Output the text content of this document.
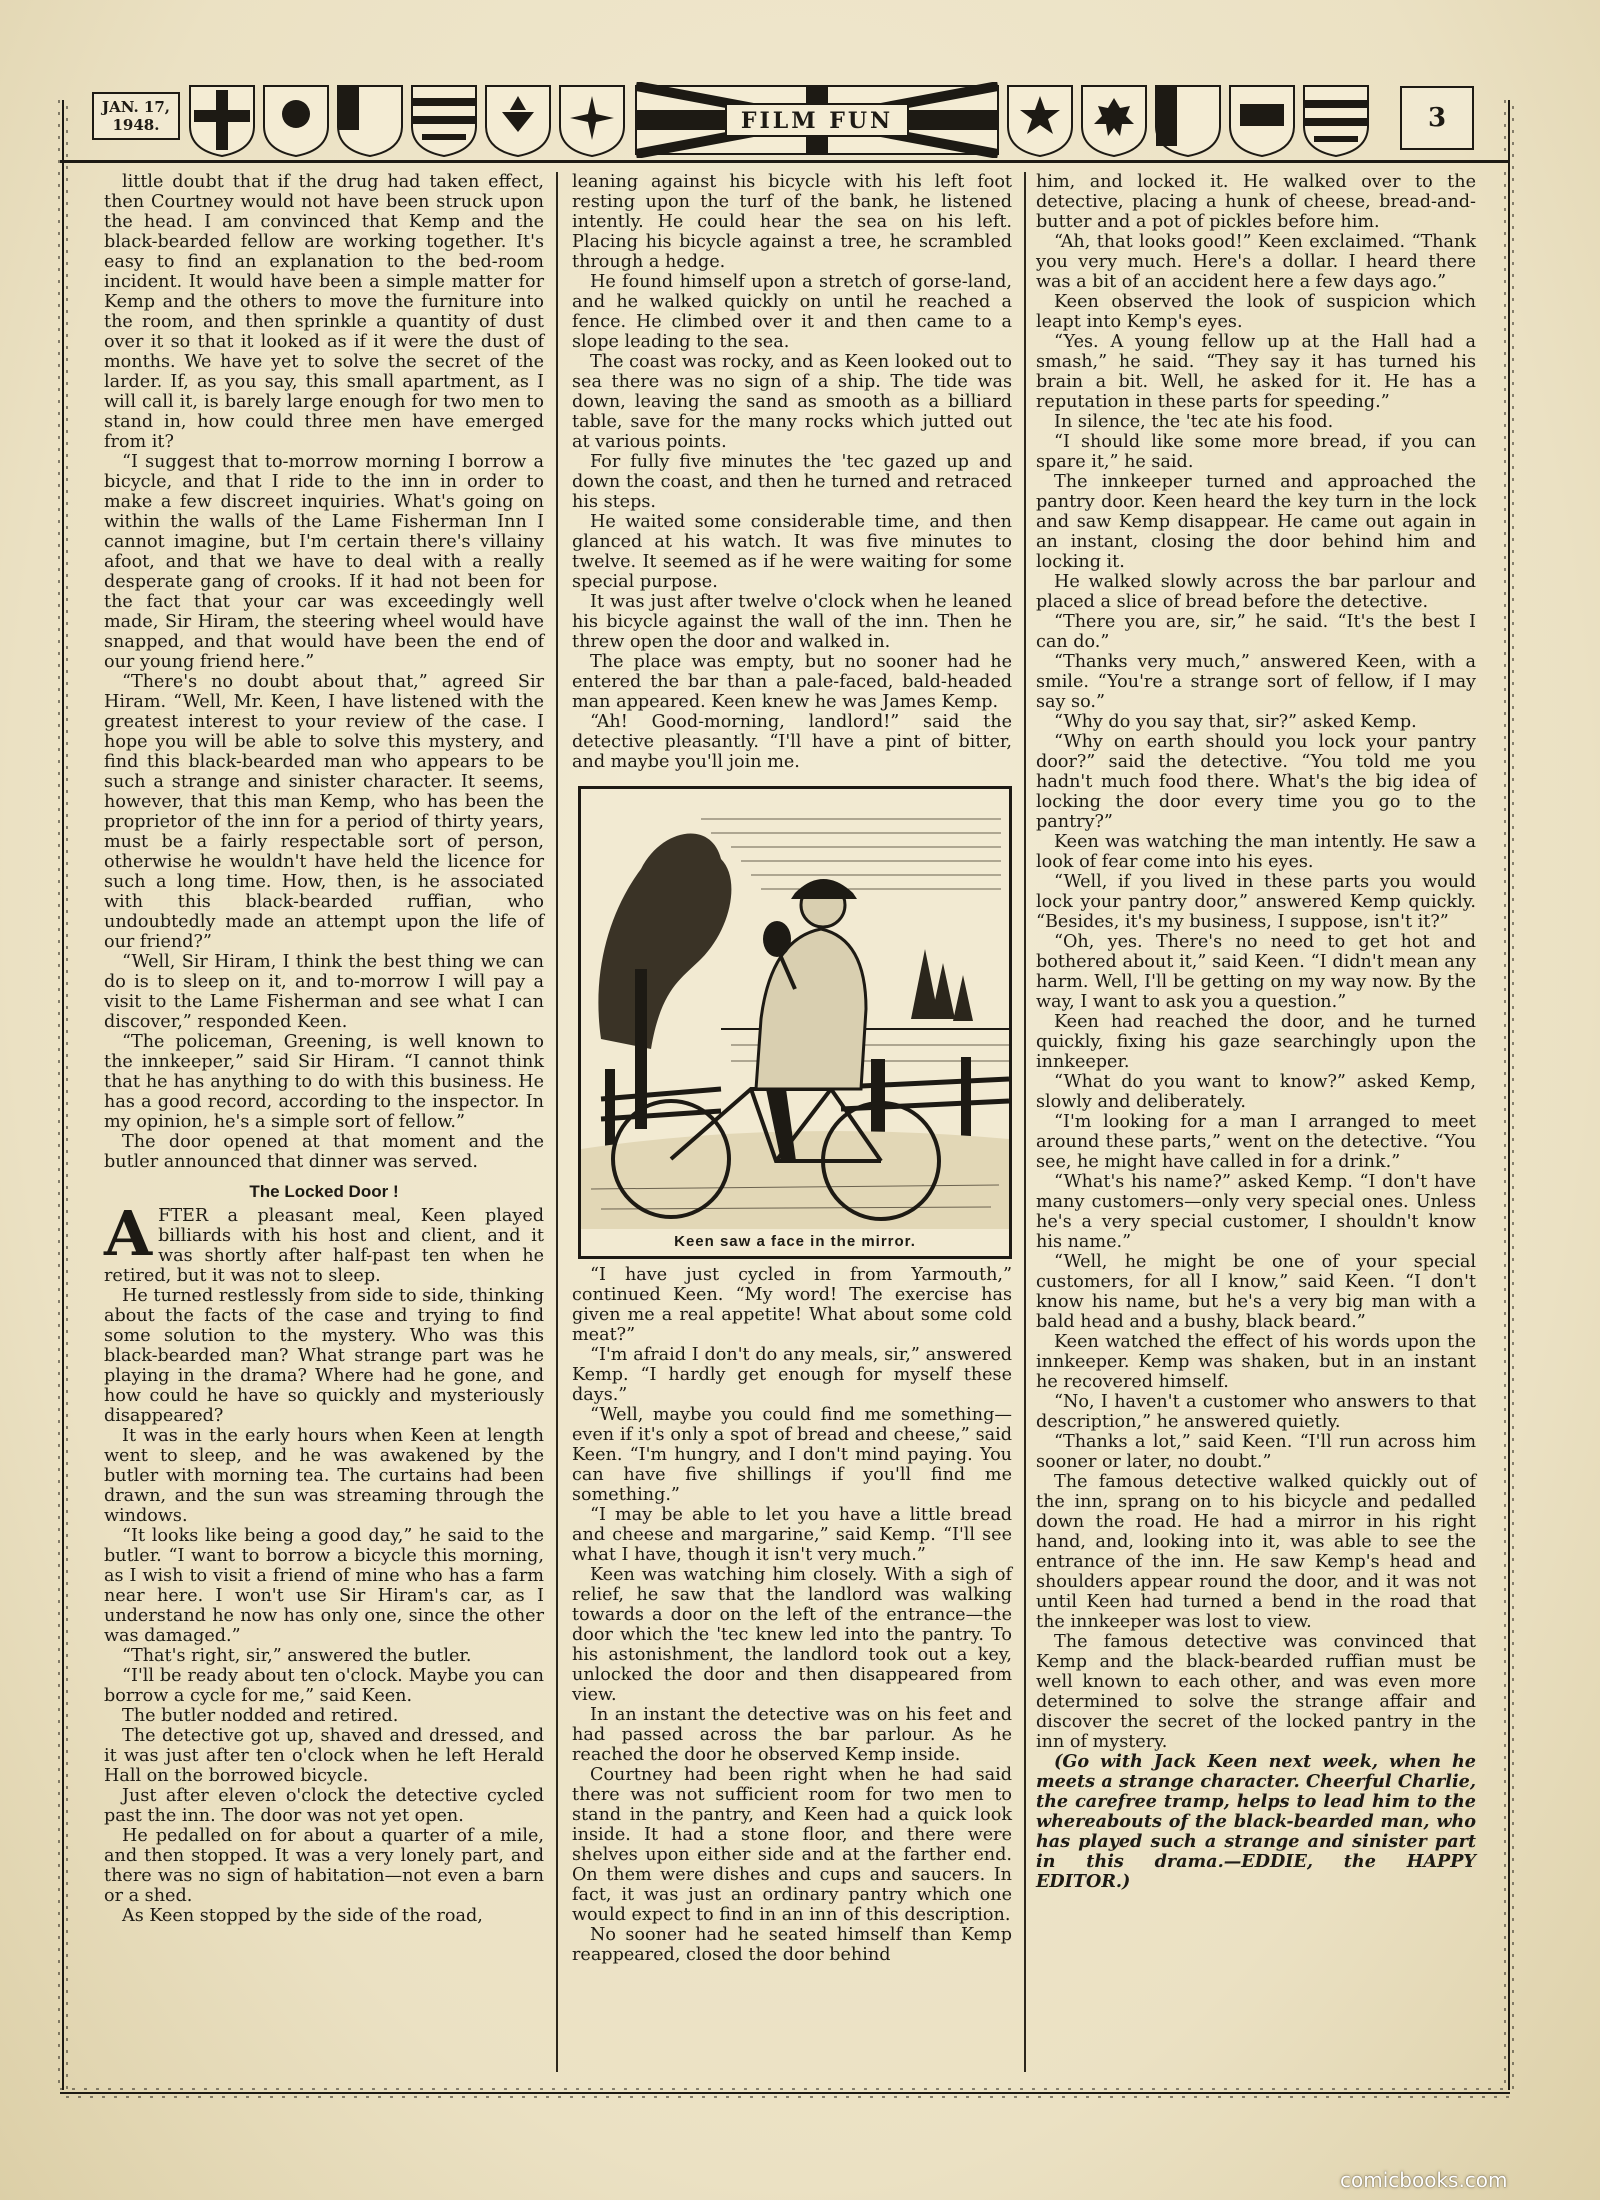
JAN. 17,
1948.	FILM FUN	3

little doubt that if the drug had taken effect, then Courtney would not have been struck upon the head. I am convinced that Kemp and the black-bearded fellow are working together. It's easy to find an explanation to the bed-room incident. It would have been a simple matter for Kemp and the others to move the furniture into the room, and then sprinkle a quantity of dust over it so that it looked as if it were the dust of months. We have yet to solve the secret of the larder. If, as you say, this small apartment, as I will call it, is barely large enough for two men to stand in, how could three men have emerged from it?

“I suggest that to-morrow morning I borrow a bicycle, and that I ride to the inn in order to make a few discreet inquiries. What's going on within the walls of the Lame Fisherman Inn I cannot imagine, but I'm certain there's villainy afoot, and that we have to deal with a really desperate gang of crooks. If it had not been for the fact that your car was exceedingly well made, Sir Hiram, the steering wheel would have snapped, and that would have been the end of our young friend here.”

“There's no doubt about that,” agreed Sir Hiram. “Well, Mr. Keen, I have listened with the greatest interest to your review of the case. I hope you will be able to solve this mystery, and find this black-bearded man who appears to be such a strange and sinister character. It seems, however, that this man Kemp, who has been the proprietor of the inn for a period of thirty years, must be a fairly respectable sort of person, otherwise he wouldn't have held the licence for such a long time. How, then, is he associated with this black-bearded ruffian, who undoubtedly made an attempt upon the life of our friend?”

“Well, Sir Hiram, I think the best thing we can do is to sleep on it, and to-morrow I will pay a visit to the Lame Fisherman and see what I can discover,” responded Keen.

“The policeman, Greening, is well known to the innkeeper,” said Sir Hiram. “I cannot think that he has anything to do with this business. He has a good record, according to the inspector. In my opinion, he's a simple sort of fellow.”

The door opened at that moment and the butler announced that dinner was served.

The Locked Door !

AFTER a pleasant meal, Keen played billiards with his host and client, and it was shortly after half-past ten when he retired, but it was not to sleep.

He turned restlessly from side to side, thinking about the facts of the case and trying to find some solution to the mystery. Who was this black-bearded man? What strange part was he playing in the drama? Where had he gone, and how could he have so quickly and mysteriously disappeared?

It was in the early hours when Keen at length went to sleep, and he was awakened by the butler with morning tea. The curtains had been drawn, and the sun was streaming through the windows.

“It looks like being a good day,” he said to the butler. “I want to borrow a bicycle this morning, as I wish to visit a friend of mine who has a farm near here. I won't use Sir Hiram's car, as I understand he now has only one, since the other was damaged.”

“That's right, sir,” answered the butler.

“I'll be ready about ten o'clock. Maybe you can borrow a cycle for me,” said Keen.

The butler nodded and retired.

The detective got up, shaved and dressed, and it was just after ten o'clock when he left Herald Hall on the borrowed bicycle.

Just after eleven o'clock the detective cycled past the inn. The door was not yet open.

He pedalled on for about a quarter of a mile, and then stopped. It was a very lonely part, and there was no sign of habitation—not even a barn or a shed.

As Keen stopped by the side of the road,

leaning against his bicycle with his left foot resting upon the turf of the bank, he listened intently. He could hear the sea on his left. Placing his bicycle against a tree, he scrambled through a hedge.

He found himself upon a stretch of gorse-land, and he walked quickly on until he reached a fence. He climbed over it and then came to a slope leading to the sea.

The coast was rocky, and as Keen looked out to sea there was no sign of a ship. The tide was down, leaving the sand as smooth as a billiard table, save for the many rocks which jutted out at various points.

For fully five minutes the 'tec gazed up and down the coast, and then he turned and retraced his steps.

He waited some considerable time, and then glanced at his watch. It was five minutes to twelve. It seemed as if he were waiting for some special purpose.

It was just after twelve o'clock when he leaned his bicycle against the wall of the inn. Then he threw open the door and walked in.

The place was empty, but no sooner had he entered the bar than a pale-faced, bald-headed man appeared. Keen knew he was James Kemp.

“Ah! Good-morning, landlord!” said the detective pleasantly. “I'll have a pint of bitter, and maybe you'll join me.

Keen saw a face in the mirror.

“I have just cycled in from Yarmouth,” continued Keen. “My word! The exercise has given me a real appetite! What about some cold meat?”

“I'm afraid I don't do any meals, sir,” answered Kemp. “I hardly get enough for myself these days.”

“Well, maybe you could find me something—even if it's only a spot of bread and cheese,” said Keen. “I'm hungry, and I don't mind paying. You can have five shillings if you'll find me something.”

“I may be able to let you have a little bread and cheese and margarine,” said Kemp. “I'll see what I have, though it isn't very much.”

Keen was watching him closely. With a sigh of relief, he saw that the landlord was walking towards a door on the left of the entrance—the door which the 'tec knew led into the pantry. To his astonishment, the landlord took out a key, unlocked the door and then disappeared from view.

In an instant the detective was on his feet and had passed across the bar parlour. As he reached the door he observed Kemp inside.

Courtney had been right when he had said there was not sufficient room for two men to stand in the pantry, and Keen had a quick look inside. It had a stone floor, and there were shelves upon either side and at the farther end. On them were dishes and cups and saucers. In fact, it was just an ordinary pantry which one would expect to find in an inn of this description.

No sooner had he seated himself than Kemp reappeared, closed the door behind

him, and locked it. He walked over to the detective, placing a hunk of cheese, bread-and-butter and a pot of pickles before him.

“Ah, that looks good!” Keen exclaimed. “Thank you very much. Here's a dollar. I heard there was a bit of an accident here a few days ago.”

Keen observed the look of suspicion which leapt into Kemp's eyes.

“Yes. A young fellow up at the Hall had a smash,” he said. “They say it has turned his brain a bit. Well, he asked for it. He has a reputation in these parts for speeding.”

In silence, the 'tec ate his food.

“I should like some more bread, if you can spare it,” he said.

The innkeeper turned and approached the pantry door. Keen heard the key turn in the lock and saw Kemp disappear. He came out again in an instant, closing the door behind him and locking it.

He walked slowly across the bar parlour and placed a slice of bread before the detective.

“There you are, sir,” he said. “It's the best I can do.”

“Thanks very much,” answered Keen, with a smile. “You're a strange sort of fellow, if I may say so.”

“Why do you say that, sir?” asked Kemp.

“Why on earth should you lock your pantry door?” said the detective. “You told me you hadn't much food there. What's the big idea of locking the door every time you go to the pantry?”

Keen was watching the man intently. He saw a look of fear come into his eyes.

“Well, if you lived in these parts you would lock your pantry door,” answered Kemp quickly. “Besides, it's my business, I suppose, isn't it?”

“Oh, yes. There's no need to get hot and bothered about it,” said Keen. “I didn't mean any harm. Well, I'll be getting on my way now. By the way, I want to ask you a question.”

Keen had reached the door, and he turned quickly, fixing his gaze searchingly upon the innkeeper.

“What do you want to know?” asked Kemp, slowly and deliberately.

“I'm looking for a man I arranged to meet around these parts,” went on the detective. “You see, he might have called in for a drink.”

“What's his name?” asked Kemp. “I don't have many customers—only very special ones. Unless he's a very special customer, I shouldn't know his name.”

“Well, he might be one of your special customers, for all I know,” said Keen. “I don't know his name, but he's a very big man with a bald head and a bushy, black beard.”

Keen watched the effect of his words upon the innkeeper. Kemp was shaken, but in an instant he recovered himself.

“No, I haven't a customer who answers to that description,” he answered quietly.

“Thanks a lot,” said Keen. “I'll run across him sooner or later, no doubt.”

The famous detective walked quickly out of the inn, sprang on to his bicycle and pedalled down the road. He had a mirror in his right hand, and, looking into it, was able to see the entrance of the inn. He saw Kemp's head and shoulders appear round the door, and it was not until Keen had turned a bend in the road that the innkeeper was lost to view.

The famous detective was convinced that Kemp and the black-bearded ruffian must be well known to each other, and was even more determined to solve the strange affair and discover the secret of the locked pantry in the inn of mystery.

(Go with Jack Keen next week, when he meets a strange character. Cheerful Charlie, the carefree tramp, helps to lead him to the whereabouts of the black-bearded man, who has played such a strange and sinister part in this drama.—EDDIE, the HAPPY EDITOR.)

comicbooks.com
